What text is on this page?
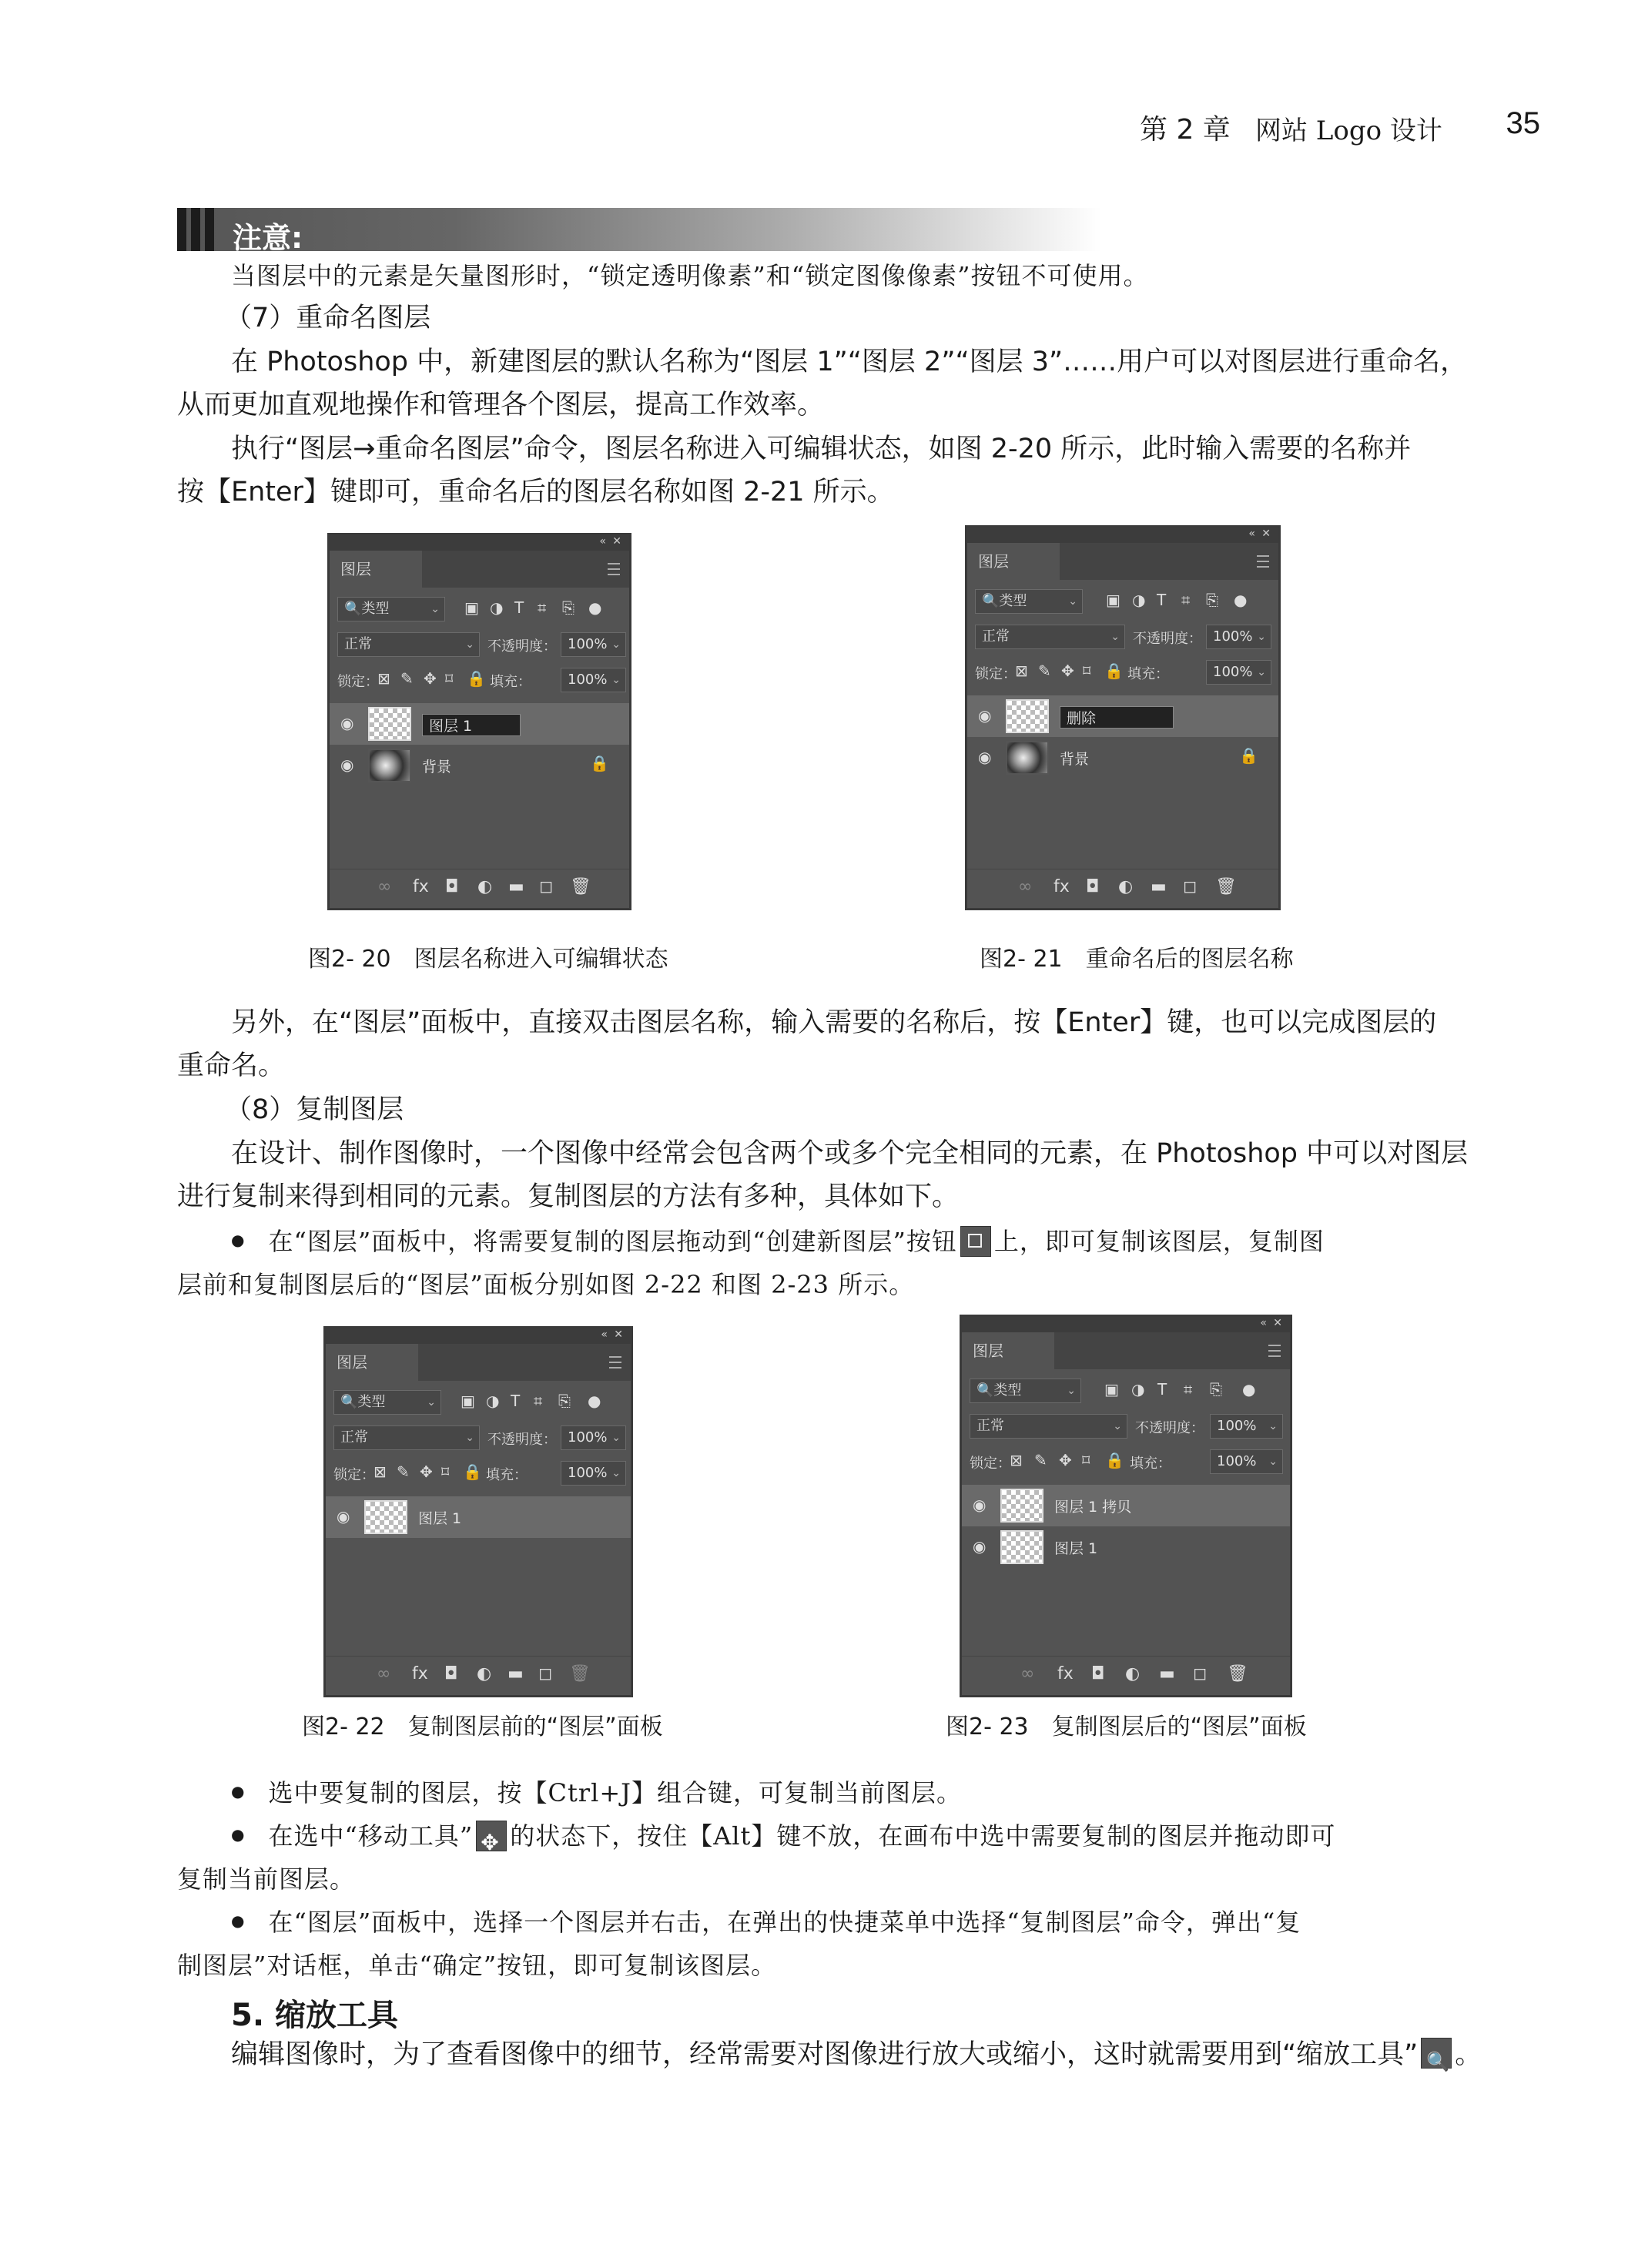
第 2 章 网站 Logo 设计 35
注意:
当图层中的元素是矢量图形时，“锁定透明像素”和“锁定图像像素”按钮不可使用。
（7）重命名图层
在 Photoshop 中，新建图层的默认名称为“图层 1”“图层 2”“图层 3”……用户可以对图层进行重命名，
从而更加直观地操作和管理各个图层，提高工作效率。
执行“图层→重命名图层”命令，图层名称进入可编辑状态，如图 2-20 所示，此时输入需要的名称并
按【Enter】键即可，重命名后的图层名称如图 2-21 所示。
« ✕
图层
🔍类型	⌄ ▣ ◑ T ⌗ ⎘ ●
正常	⌄ 不透明度： 100% ⌄
锁定：
⊠ ✎ ✥ ⌑ 🔒 填充：	100% ⌄
◉	图层 1
◉	背景	🔒
∞ fx ◘ ◐ ▬ ◻ 🗑
图2- 20　图层名称进入可编辑状态
« ✕
图层
🔍类型	⌄ ▣ ◑ T ⌗ ⎘ ●
正常	⌄ 不透明度： 100% ⌄
锁定：
⊠ ✎ ✥ ⌑ 🔒 填充：	100% ⌄
◉	删除
◉	背景	🔒
∞ fx ◘ ◐ ▬ ◻ 🗑
图2- 21　重命名后的图层名称
另外，在“图层”面板中，直接双击图层名称，输入需要的名称后，按【Enter】键，也可以完成图层的
重命名。
（8）复制图层
在设计、制作图像时，一个图像中经常会包含两个或多个完全相同的元素，在 Photoshop 中可以对图层
进行复制来得到相同的元素。复制图层的方法有多种，具体如下。
● 在“图层”面板中，将需要复制的图层拖动到“创建新图层”按钮 上，即可复制该图层，复制图
层前和复制图层后的“图层”面板分别如图 2-22 和图 2-23 所示。
« ✕
图层
🔍类型	⌄ ▣ ◑ T ⌗ ⎘ ●
正常	⌄ 不透明度： 100% ⌄
锁定：
⊠ ✎ ✥ ⌑ 🔒 填充：	100% ⌄
◉	图层 1
∞ fx ◘ ◐ ▬ ◻ 🗑
图2- 22　复制图层前的“图层”面板
« ✕
图层
🔍类型	⌄ ▣ ◑ T ⌗ ⎘ ●
正常	⌄ 不透明度： 100% ⌄
锁定：
⊠ ✎ ✥ ⌑ 🔒 填充：	100% ⌄
◉	图层 1 拷贝
◉	图层 1
∞ fx ◘ ◐ ▬ ◻ 🗑
图2- 23　复制图层后的“图层”面板
● 选中要复制的图层，按【Ctrl+J】组合键，可复制当前图层。
● 在选中“移动工具”✥ 的状态下，按住【Alt】键不放，在画布中选中需要复制的图层并拖动即可
复制当前图层。
● 在“图层”面板中，选择一个图层并右击，在弹出的快捷菜单中选择“复制图层”命令，弹出“复
制图层”对话框，单击“确定”按钮，即可复制该图层。
5. 缩放工具
编辑图像时，为了查看图像中的细节，经常需要对图像进行放大或缩小，这时就需要用到“缩放工具”🔍 。
